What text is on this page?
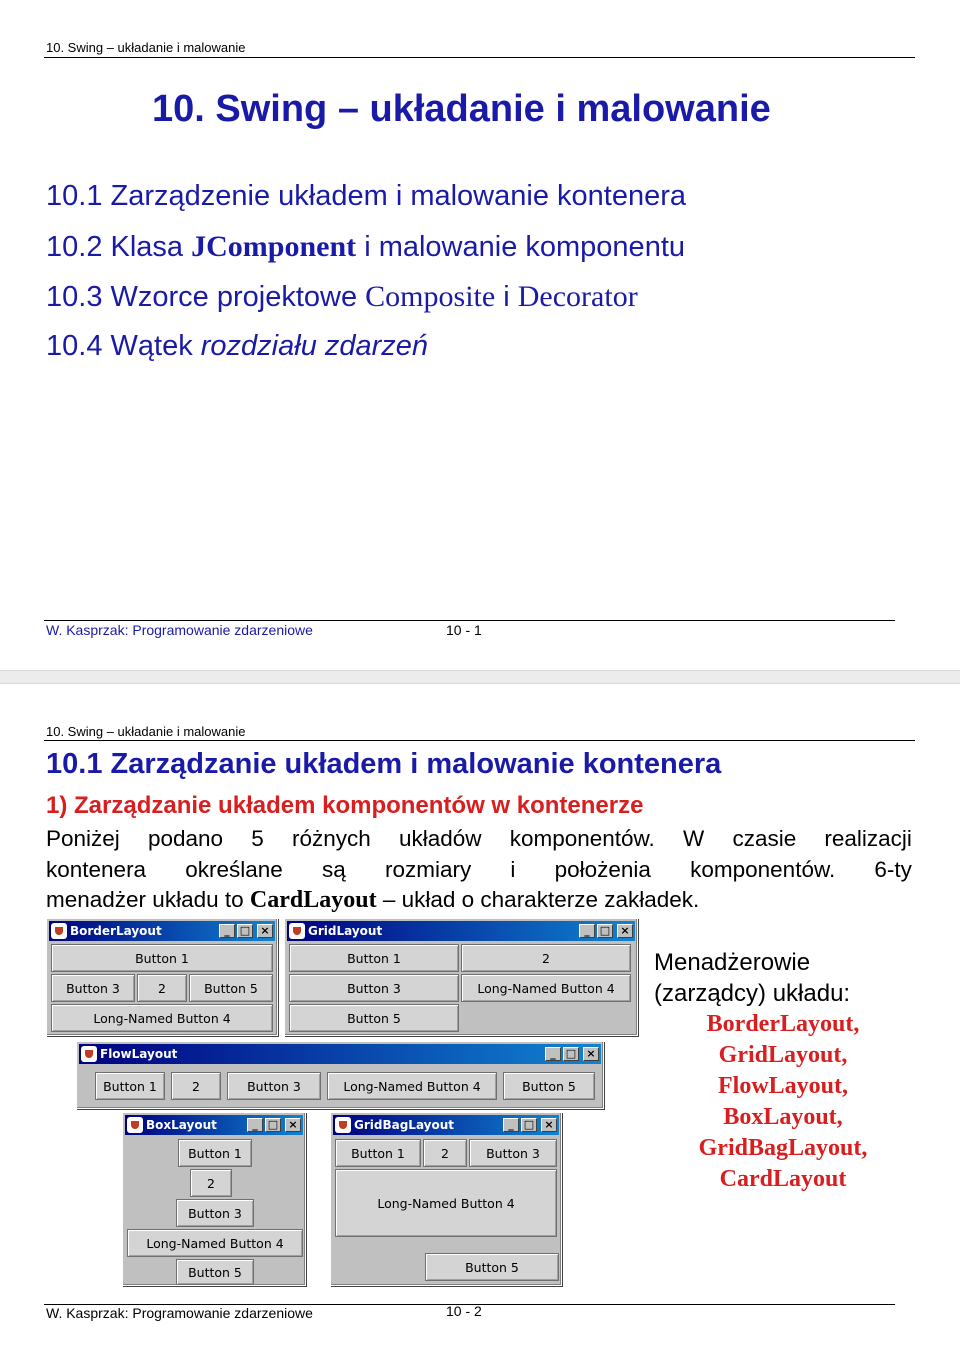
10. Swing – układanie i malowanie
10. Swing – układanie i malowanie
10.1 Zarządzenie układem i malowanie kontenera
10.2 Klasa JComponent i malowanie komponentu
10.3 Wzorce projektowe Composite i Decorator
10.4 Wątek rozdziału zdarzeń
W. Kasprzak: Programowanie zdarzeniowe	10 - 1
10. Swing – układanie i malowanie
10.1 Zarządzanie układem i malowanie kontenera
1) Zarządzanie układem komponentów w kontenerze
Poniżej podano 5 różnych układów komponentów. W czasie realizacji
kontenera określane są rozmiary i położenia komponentów. 6-ty
menadżer układu to CardLayout – układ o charakterze zakładek.
BorderLayout	_ □ ×
Button 1
Button 3	2	Button 5
Long-Named Button 4
GridLayout	_ □ ×
Button 1	2
Button 3	Long-Named Button 4
Button 5
FlowLayout	_ □ ×
Button 1	2	Button 3	Long-Named Button 4	Button 5
BoxLayout	_ □ ×
Button 1
2
Button 3
Long-Named Button 4
Button 5
GridBagLayout	_ □ ×
Button 1	2	Button 3
Long-Named Button 4
Button 5
Menadżerowie
(zarządcy) układu:
BorderLayout,
GridLayout,
FlowLayout,
BoxLayout,
GridBagLayout,
CardLayout
W. Kasprzak: Programowanie zdarzeniowe	10 - 2
